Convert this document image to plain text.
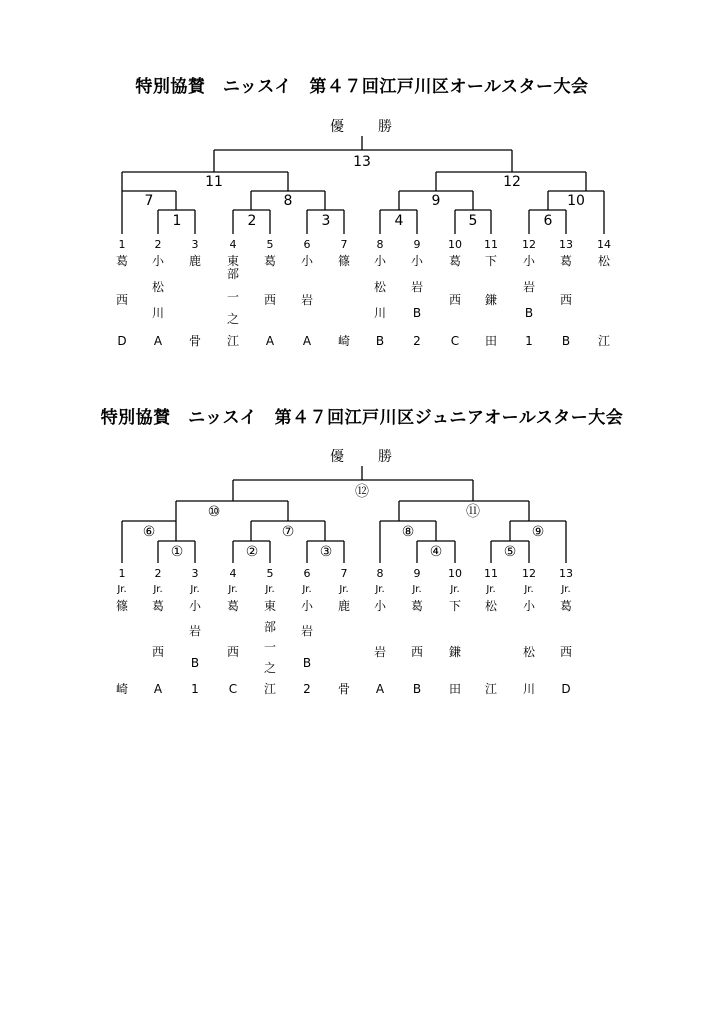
特別協賛　ニッスイ　第４７回江戸川区オールスター大会
優　　勝
13
11	12
7	8	9	10
1	2	3	4	5	6
1
葛
西
D
2
小
松
川
A
3
鹿
骨
4
東
部
一
之
江
5
葛
西
A
6
小
岩
A
7
篠
崎
8
小
松
川
B
9
小
岩
B
2
10
葛
西
C
11
下
鎌
田
12
小
岩
B
1
13
葛
西
B
14
松
江
特別協賛　ニッスイ　第４７回江戸川区ジュニアオールスター大会
優　　勝
⑫
⑩	⑪
⑥	⑦	⑧	⑨
①	②	③	④	⑤
1
Jr.
篠
崎
2
Jr.
葛
西
A
3
Jr.
小
岩
B
1
4
Jr.
葛
西
C
5
Jr.
東
部
一
之
江
6
Jr.
小
岩
B
2
7
Jr.
鹿
骨
8
Jr.
小
岩
A
9
Jr.
葛
西
B
10
Jr.
下
鎌
田
11
Jr.
松
江
12
Jr.
小
松
川
13
Jr.
葛
西
D
